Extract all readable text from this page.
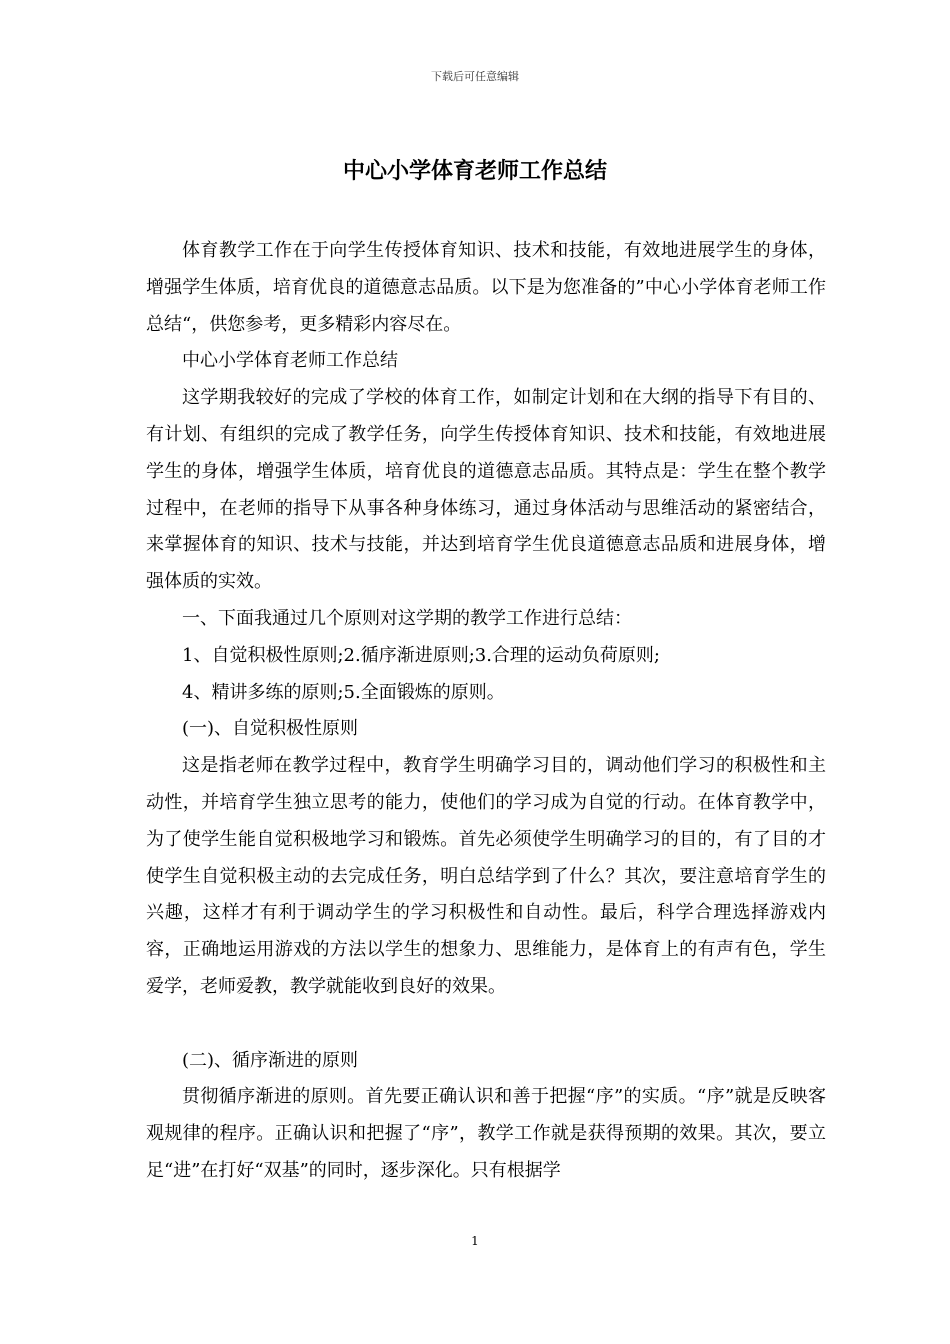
下载后可任意编辑
中心小学体育老师工作总结

体育教学工作在于向学生传授体育知识、技术和技能，有效地进展学生的身体，增强学生体质，培育优良的道德意志品质。以下是为您准备的”中心小学体育老师工作总结“，供您参考，更多精彩内容尽在。

中心小学体育老师工作总结

这学期我较好的完成了学校的体育工作，如制定计划和在大纲的指导下有目的、有计划、有组织的完成了教学任务，向学生传授体育知识、技术和技能，有效地进展学生的身体，增强学生体质，培育优良的道德意志品质。其特点是：学生在整个教学过程中，在老师的指导下从事各种身体练习，通过身体活动与思维活动的紧密结合，来掌握体育的知识、技术与技能，并达到培育学生优良道德意志品质和进展身体，增强体质的实效。

一、下面我通过几个原则对这学期的教学工作进行总结：

1、自觉积极性原则;2.循序渐进原则;3.合理的运动负荷原则;

4、精讲多练的原则;5.全面锻炼的原则。

(一)、自觉积极性原则

这是指老师在教学过程中，教育学生明确学习目的，调动他们学习的积极性和主动性，并培育学生独立思考的能力，使他们的学习成为自觉的行动。在体育教学中，为了使学生能自觉积极地学习和锻炼。首先必须使学生明确学习的目的，有了目的才使学生自觉积极主动的去完成任务，明白总结学到了什么？其次，要注意培育学生的兴趣，这样才有利于调动学生的学习积极性和自动性。最后，科学合理选择游戏内容，正确地运用游戏的方法以学生的想象力、思维能力，是体育上的有声有色，学生爱学，老师爱教，教学就能收到良好的效果。

(二)、循序渐进的原则

贯彻循序渐进的原则。首先要正确认识和善于把握“序”的实质。“序”就是反映客观规律的程序。正确认识和把握了“序”，教学工作就是获得预期的效果。其次，要立足“进”在打好“双基”的同时，逐步深化。只有根据学

1
